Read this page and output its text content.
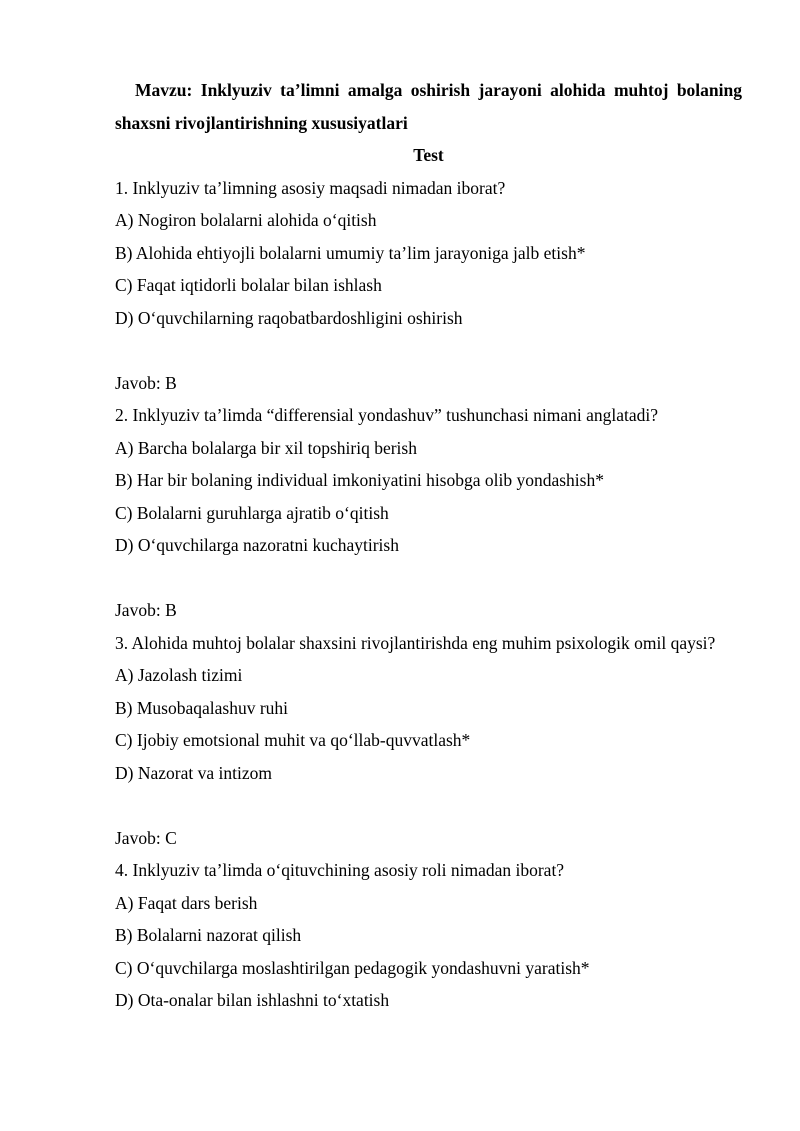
Mavzu: Inklyuziv ta’limni amalga oshirish jarayoni alohida muhtoj bolaning shaxsni rivojlantirishning xususiyatlari

Test

1. Inklyuziv ta’limning asosiy maqsadi nimadan iborat?

A) Nogiron bolalarni alohida o‘qitish

B) Alohida ehtiyojli bolalarni umumiy ta’lim jarayoniga jalb etish*

C) Faqat iqtidorli bolalar bilan ishlash

D) O‘quvchilarning raqobatbardoshligini oshirish

Javob: B

2. Inklyuziv ta’limda “differensial yondashuv” tushunchasi nimani anglatadi?

A) Barcha bolalarga bir xil topshiriq berish

B) Har bir bolaning individual imkoniyatini hisobga olib yondashish*

C) Bolalarni guruhlarga ajratib o‘qitish

D) O‘quvchilarga nazoratni kuchaytirish

Javob: B

3. Alohida muhtoj bolalar shaxsini rivojlantirishda eng muhim psixologik omil qaysi?

A) Jazolash tizimi

B) Musobaqalashuv ruhi

C) Ijobiy emotsional muhit va qo‘llab-quvvatlash*

D) Nazorat va intizom

Javob: C

4. Inklyuziv ta’limda o‘qituvchining asosiy roli nimadan iborat?

A) Faqat dars berish

B) Bolalarni nazorat qilish

C) O‘quvchilarga moslashtirilgan pedagogik yondashuvni yaratish*

D) Ota-onalar bilan ishlashni to‘xtatish
